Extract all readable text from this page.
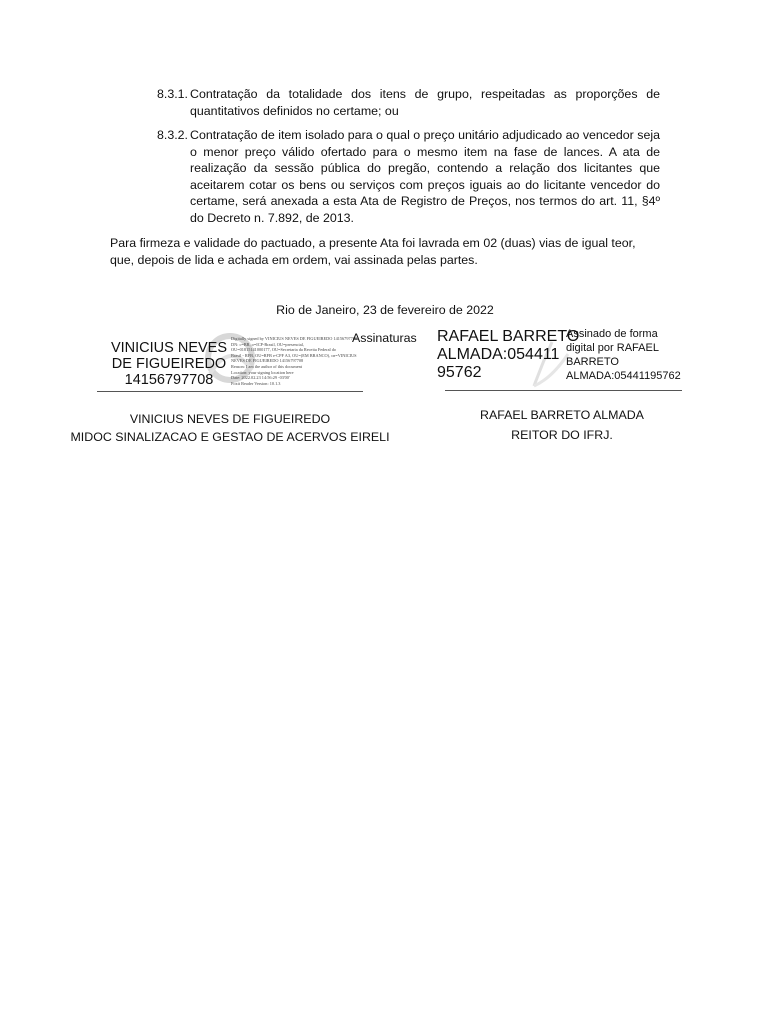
8.3.1. Contratação da totalidade dos itens de grupo, respeitadas as proporções de quantitativos definidos no certame; ou
8.3.2. Contratação de item isolado para o qual o preço unitário adjudicado ao vencedor seja o menor preço válido ofertado para o mesmo item na fase de lances. A ata de realização da sessão pública do pregão, contendo a relação dos licitantes que aceitarem cotar os bens ou serviços com preços iguais ao do licitante vencedor do certame, será anexada a esta Ata de Registro de Preços, nos termos do art. 11, §4º do Decreto n. 7.892, de 2013.
Para firmeza e validade do pactuado, a presente Ata foi lavrada em 02 (duas) vias de igual teor, que, depois de lida e achada em ordem, vai assinada pelas partes.
Rio de Janeiro, 23 de fevereiro de 2022
VINICIUS NEVES
DE FIGUEIREDO
14156797708
Digitally signed by VINICIUS NEVES DE FIGUEIREDO 14156797708
DN: c=BR, o=ICP-Brasil, OU=presencial,
OU=01815141000177, OU=Secretaria da Receita Federal do
Brasil - RFB, OU=RFB e-CPF A3, OU=(EM BRANCO), cn=VINICIUS
NEVES DE FIGUEIREDO 14156797708
Reason: I am the author of this document
Location: your signing location here
Date: 2022.02.23 14:56:29 -03'00'
Foxit Reader Version: 10.1.3
Assinaturas
VINICIUS NEVES DE FIGUEIREDO
MIDOC SINALIZACAO E GESTAO DE ACERVOS EIRELI
RAFAEL BARRETO
ALMADA:054411
95762
Assinado de forma
digital por RAFAEL
BARRETO
ALMADA:05441195762
RAFAEL BARRETO ALMADA
REITOR DO IFRJ.
